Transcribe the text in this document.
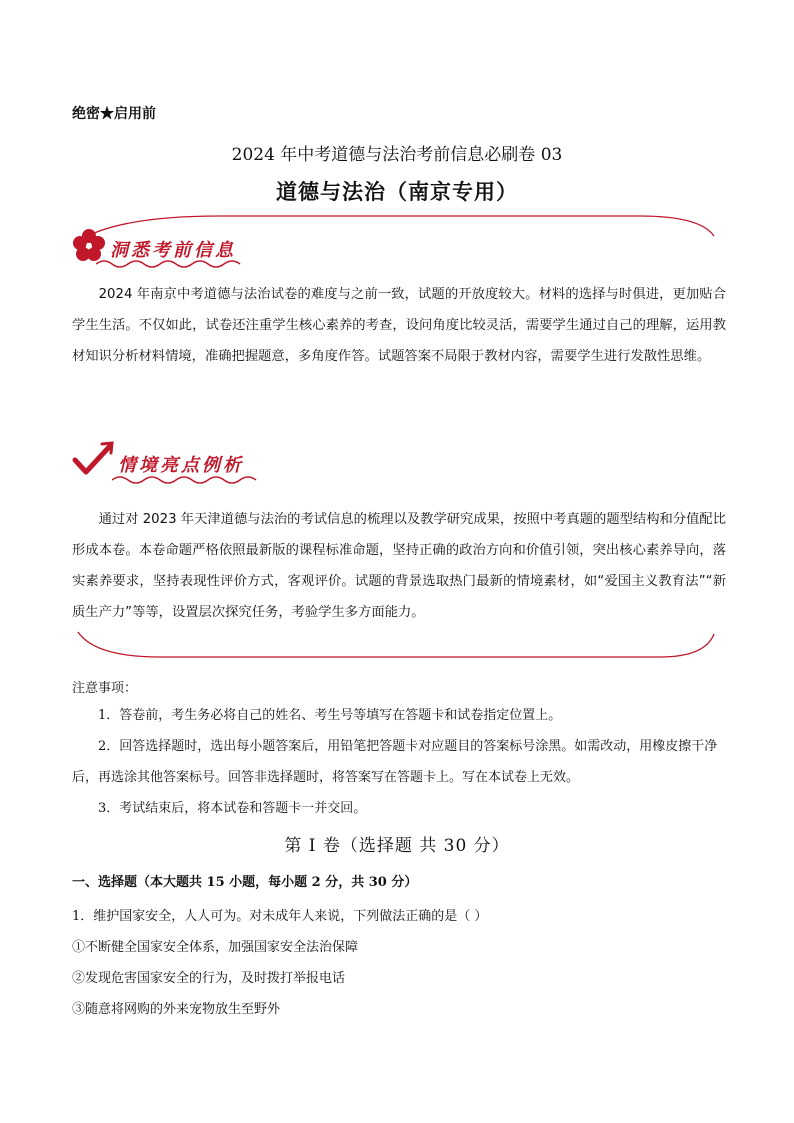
绝密★启用前
2024 年中考道德与法治考前信息必刷卷 03
道德与法治（南京专用）
洞悉考前信息

2024 年南京中考道德与法治试卷的难度与之前一致，试题的开放度较大。材料的选择与时俱进，更加贴合学生生活。不仅如此，试卷还注重学生核心素养的考查，设问角度比较灵活，需要学生通过自己的理解，运用教材知识分析材料情境，准确把握题意，多角度作答。试题答案不局限于教材内容，需要学生进行发散性思维。

情境亮点例析

通过对 2023 年天津道德与法治的考试信息的梳理以及教学研究成果，按照中考真题的题型结构和分值配比形成本卷。本卷命题严格依照最新版的课程标准命题，坚持正确的政治方向和价值引领，突出核心素养导向，落实素养要求，坚持表现性评价方式，客观评价。试题的背景选取热门最新的情境素材，如“爱国主义教育法”“新质生产力”等等，设置层次探究任务，考验学生多方面能力。

注意事项：
1．答卷前，考生务必将自己的姓名、考生号等填写在答题卡和试卷指定位置上。
2．回答选择题时，选出每小题答案后，用铅笔把答题卡对应题目的答案标号涂黑。如需改动，用橡皮擦干净后，再选涂其他答案标号。回答非选择题时，将答案写在答题卡上。写在本试卷上无效。
3．考试结束后，将本试卷和答题卡一并交回。
第 I 卷（选择题 共 30 分）
一、选择题（本大题共 15 小题，每小题 2 分，共 30 分）
1．维护国家安全，人人可为。对未成年人来说，下列做法正确的是（ ）
①不断健全国家安全体系，加强国家安全法治保障
②发现危害国家安全的行为，及时拨打举报电话
③随意将网购的外来宠物放生至野外
